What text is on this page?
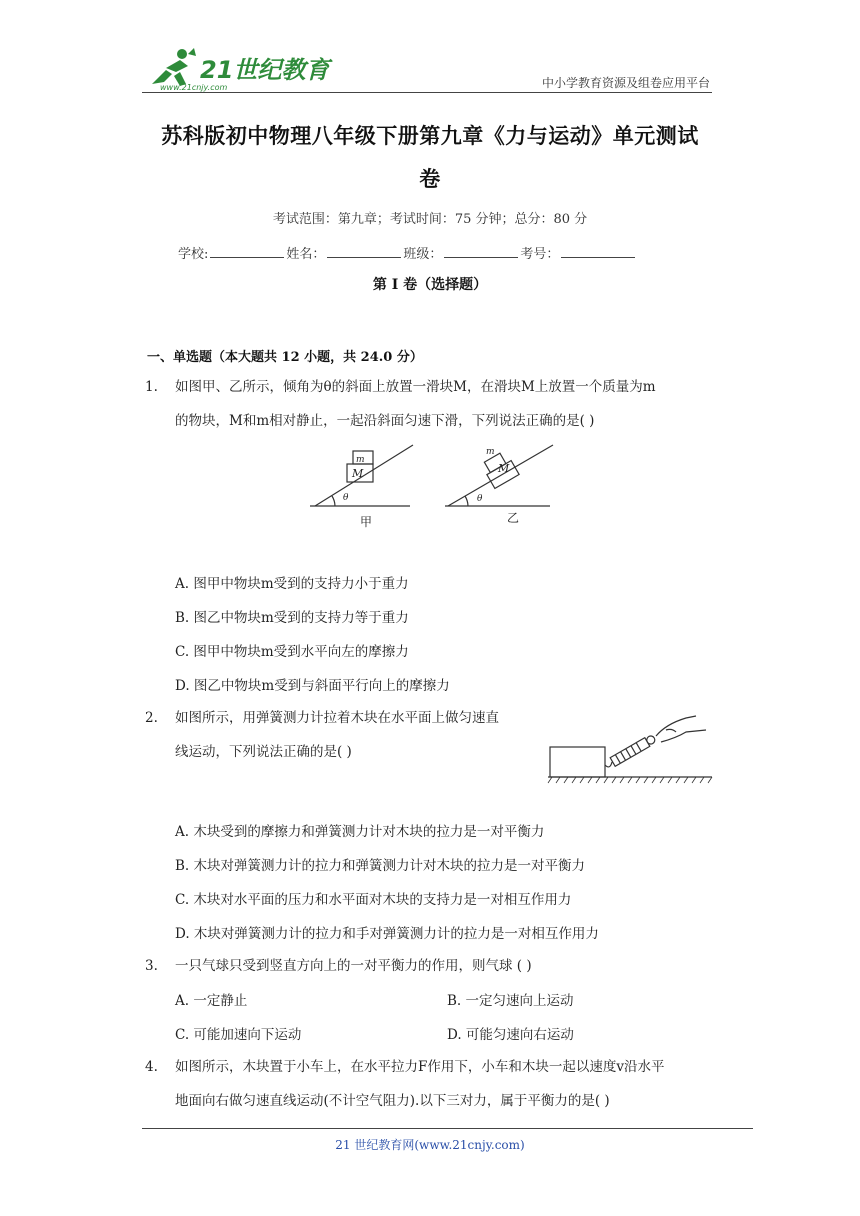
21世纪教育
www.21cnjy.com	中小学教育资源及组卷应用平台
苏科版初中物理八年级下册第九章《力与运动》单元测试
卷
考试范围：第九章；考试时间：75 分钟；总分：80 分
学校:	姓名：	班级：	考号：
第 I 卷（选择题）
一、单选题（本大题共 12 小题，共 24.0 分）
1. 如图甲、乙所示，倾角为θ的斜面上放置一滑块M，在滑块M上放置一个质量为m
的物块，M和m相对静止，一起沿斜面匀速下滑，下列说法正确的是( )
m
M
θ
m
M
θ
甲	乙
A. 图甲中物块m受到的支持力小于重力
B. 图乙中物块m受到的支持力等于重力
C. 图甲中物块m受到水平向左的摩擦力
D. 图乙中物块m受到与斜面平行向上的摩擦力
2. 如图所示，用弹簧测力计拉着木块在水平面上做匀速直
线运动，下列说法正确的是( )
A. 木块受到的摩擦力和弹簧测力计对木块的拉力是一对平衡力
B. 木块对弹簧测力计的拉力和弹簧测力计对木块的拉力是一对平衡力
C. 木块对水平面的压力和水平面对木块的支持力是一对相互作用力
D. 木块对弹簧测力计的拉力和手对弹簧测力计的拉力是一对相互作用力
3. 一只气球只受到竖直方向上的一对平衡力的作用，则气球 ( )
A. 一定静止	B. 一定匀速向上运动
C. 可能加速向下运动	D. 可能匀速向右运动
4. 如图所示，木块置于小车上，在水平拉力F作用下，小车和木块一起以速度v沿水平
地面向右做匀速直线运动(不计空气阻力).以下三对力，属于平衡力的是( )
21 世纪教育网(www.21cnjy.com)
